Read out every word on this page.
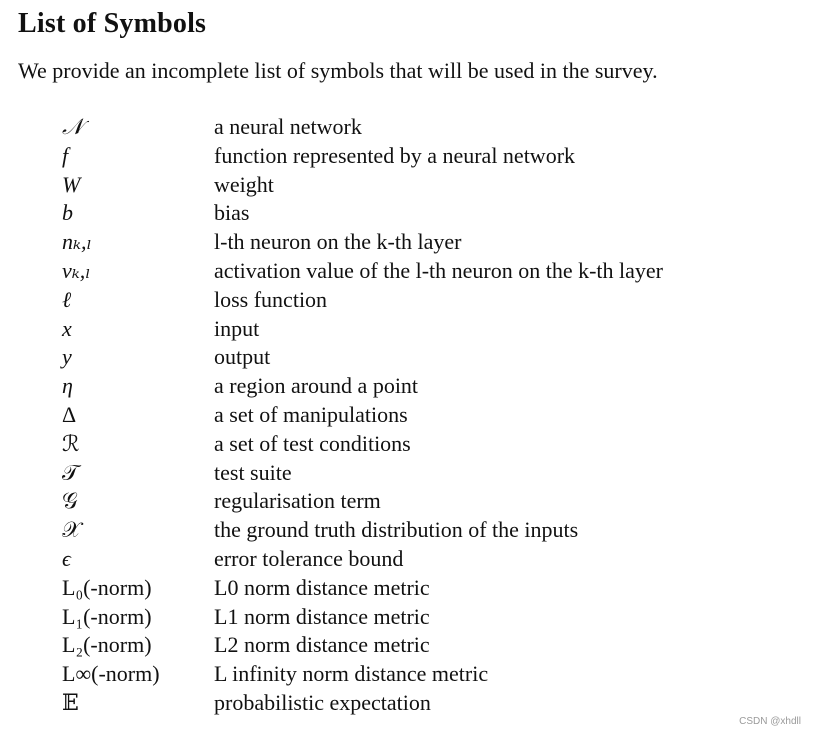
List of Symbols

We provide an incomplete list of symbols that will be used in the survey.

𝒩	a neural network
f	function represented by a neural network
W	weight
b	bias
nₖ,ₗ	l-th neuron on the k-th layer
vₖ,ₗ	activation value of the l-th neuron on the k-th layer
ℓ	loss function
x	input
y	output
η	a region around a point
Δ	a set of manipulations
ℛ	a set of test conditions
𝒯	test suite
𝒢	regularisation term
𝒳	the ground truth distribution of the inputs
ϵ	error tolerance bound
L₀(-norm)	L0 norm distance metric
L₁(-norm)	L1 norm distance metric
L₂(-norm)	L2 norm distance metric
L∞(-norm)	L infinity norm distance metric
𝔼	probabilistic expectation
CSDN @xhdll
